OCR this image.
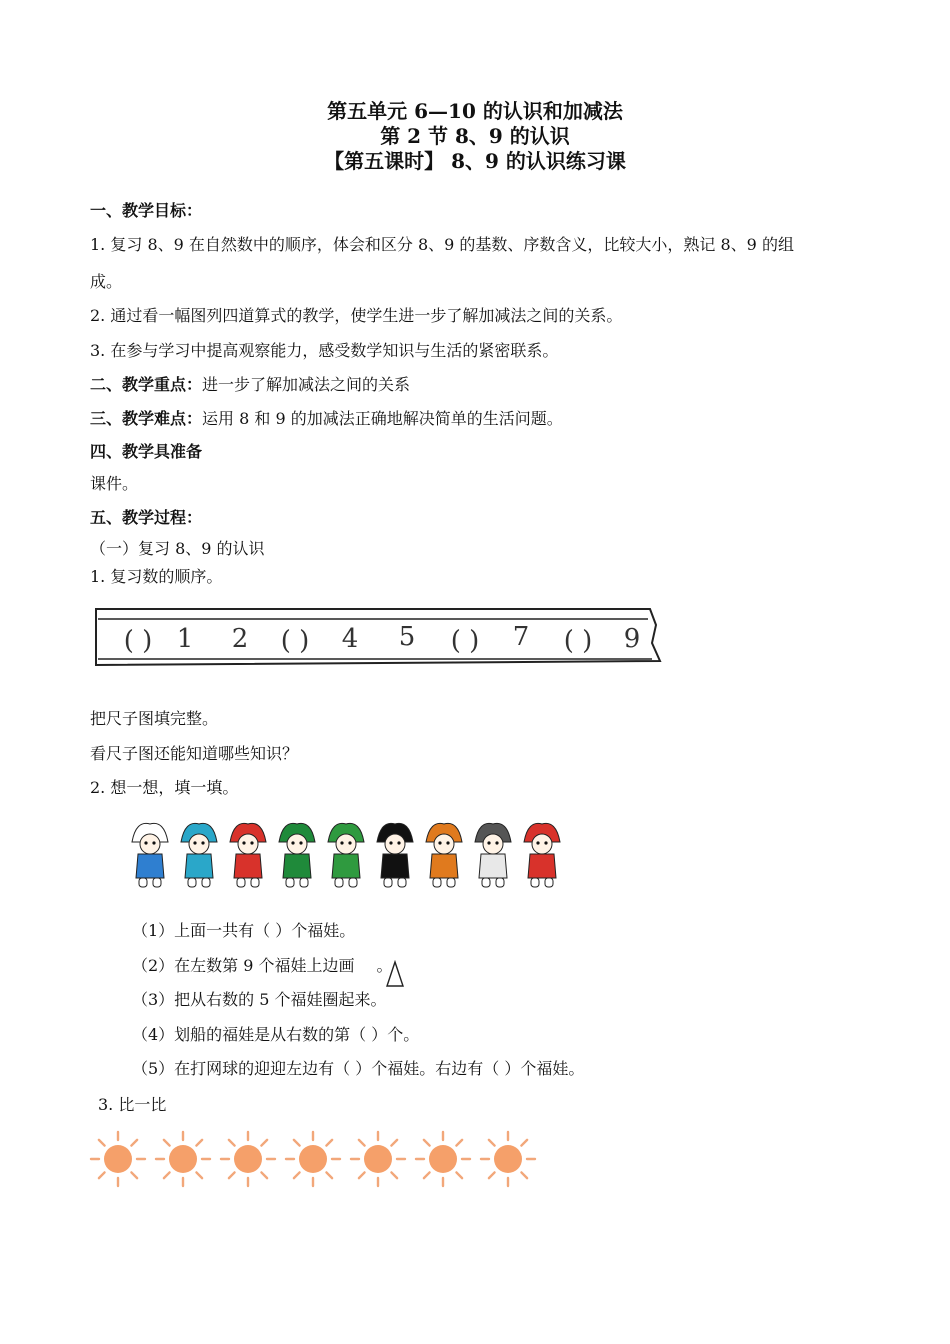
第五单元 6—10 的认识和加减法
第 2 节 8、9 的认识
【第五课时】 8、9 的认识练习课
一、教学目标：
1. 复习 8、9 在自然数中的顺序，体会和区分 8、9 的基数、序数含义，比较大小，熟记 8、9 的组
成。
2. 通过看一幅图列四道算式的教学，使学生进一步了解加减法之间的关系。
3. 在参与学习中提高观察能力，感受数学知识与生活的紧密联系。
二、教学重点：进一步了解加减法之间的关系
三、教学难点：运用 8 和 9 的加减法正确地解决简单的生活问题。
四、教学具准备
课件。
五、教学过程：
（一）复习 8、9 的认识
1. 复习数的顺序。
( ) 1 2 ( ) 4 5 ( ) 7 ( ) 9
把尺子图填完整。
看尺子图还能知道哪些知识？
2. 想一想，填一填。
（1）上面一共有（ ）个福娃。
（2）在左数第 9 个福娃上边画 。
（3）把从右数的 5 个福娃圈起来。
（4）划船的福娃是从右数的第（ ）个。
（5）在打网球的迎迎左边有（ ）个福娃。右边有（ ）个福娃。
3. 比一比
